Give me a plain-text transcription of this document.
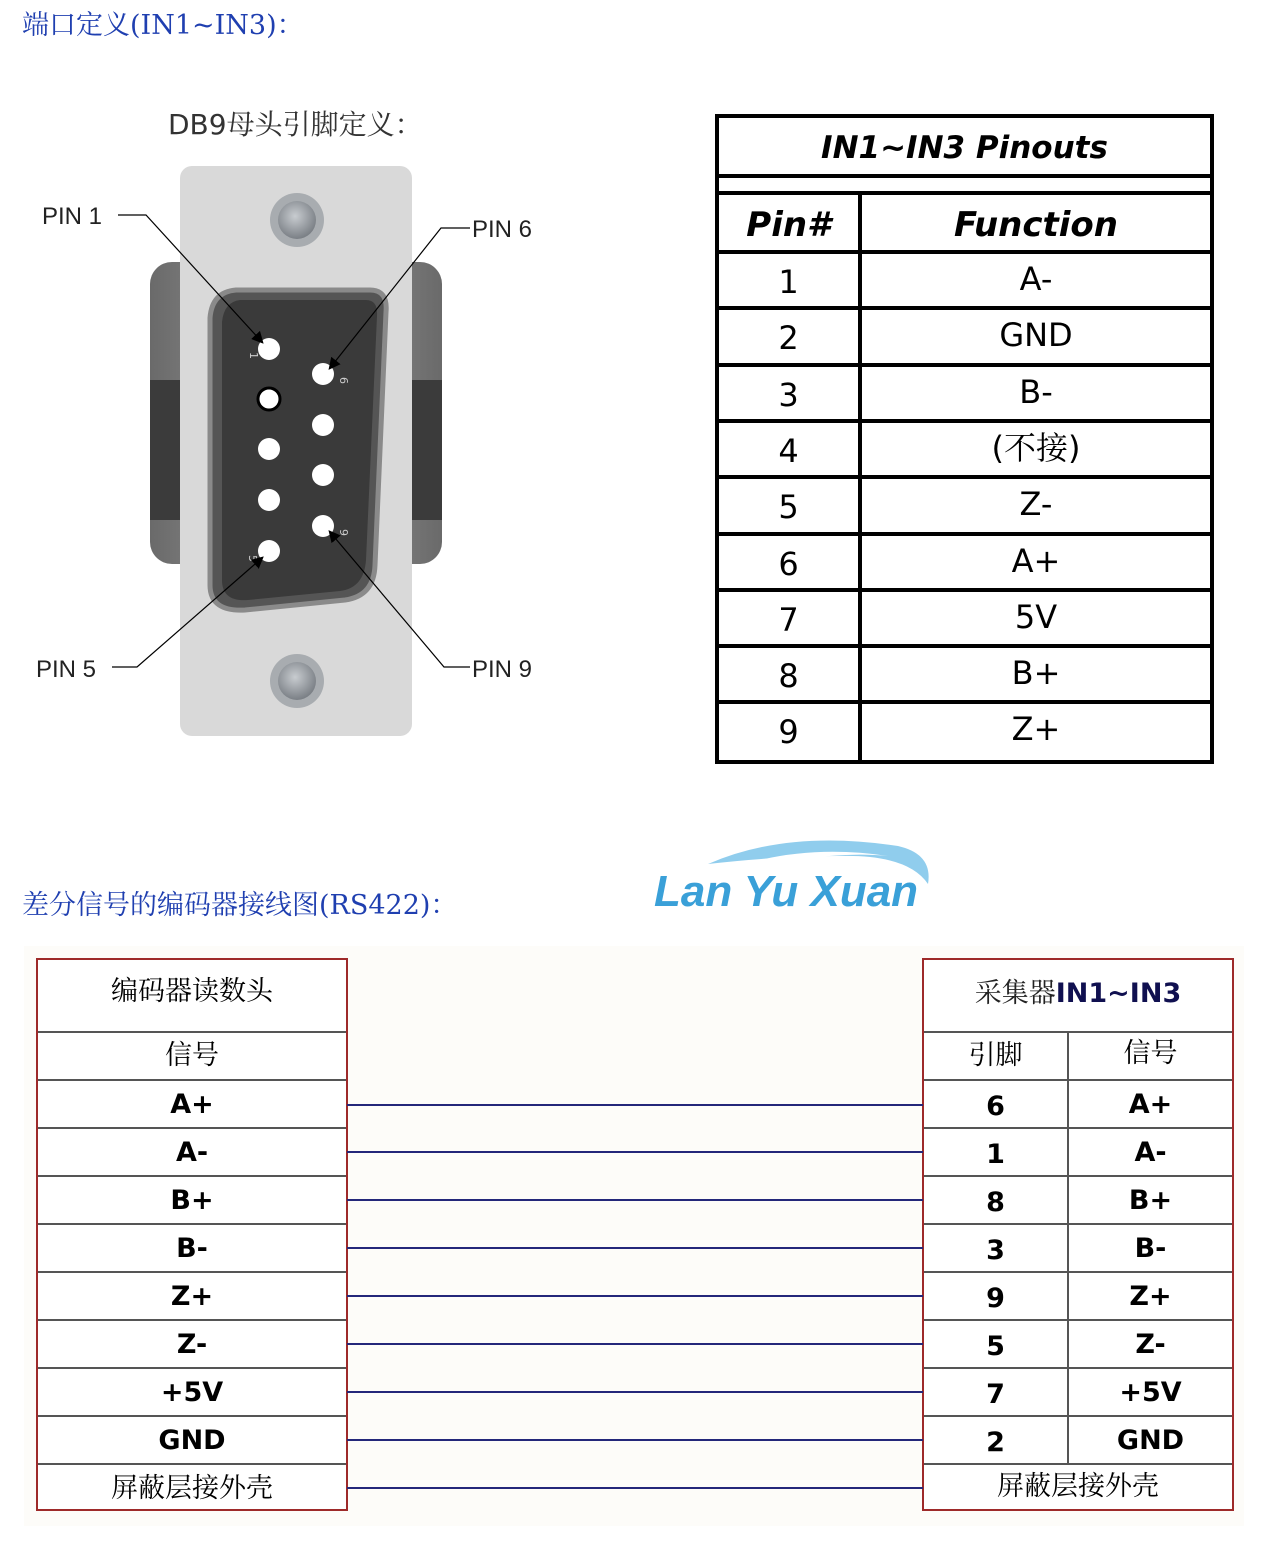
端口定义(IN1~IN3)：
差分信号的编码器接线图(RS422)：
DB9母头引脚定义：
1
5
6
9
PIN 1	PIN 6
PIN 5	PIN 9
IN1~IN3 Pinouts
Pin#	Function
1	A-
2	GND
3	B-
4	(不接)
5	Z-
6	A+
7	5V
8	B+
9	Z+
Lan Yu Xuan
编码器读数头
信号
A+
A-
B+
B-
Z+
Z-
+5V
GND
屏蔽层接外壳
采集器IN1~IN3
引脚	信号
6	A+
1	A-
8	B+
3	B-
9	Z+
5	Z-
7	+5V
2	GND
屏蔽层接外壳
